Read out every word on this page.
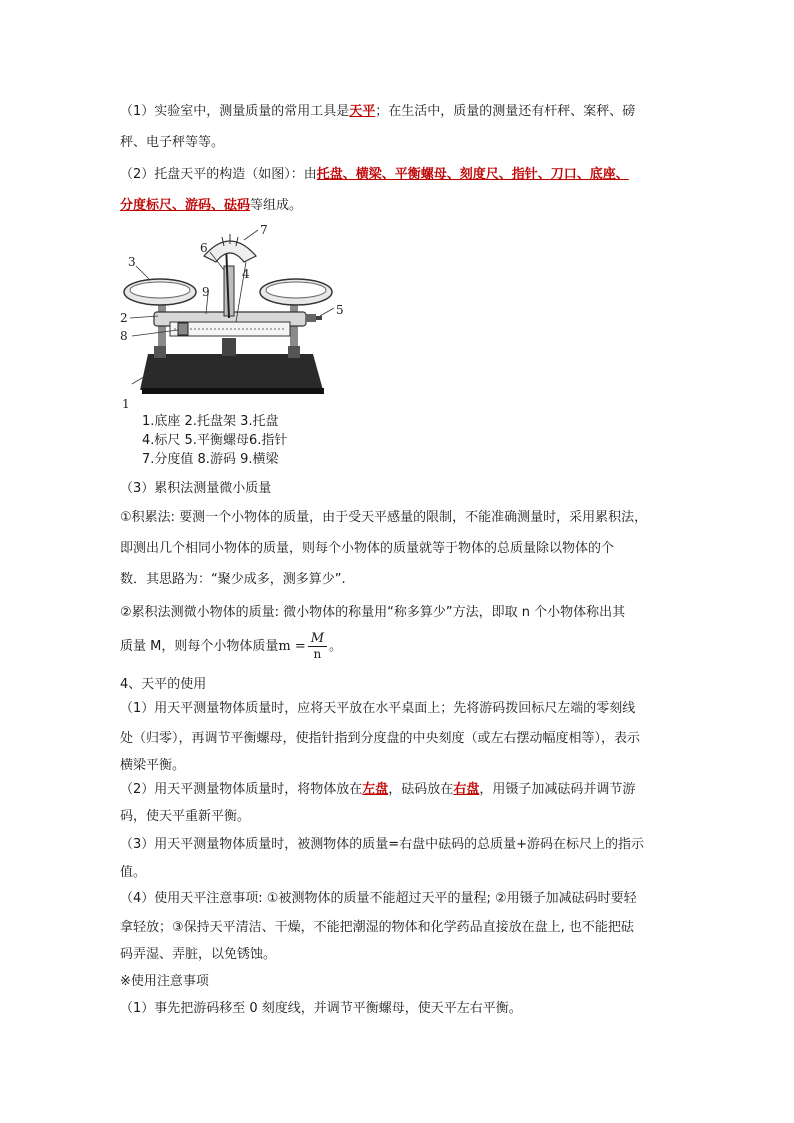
（1）实验室中，测量质量的常用工具是天平；在生活中，质量的测量还有杆秤、案秤、磅
秤、电子秤等等。
（2）托盘天平的构造（如图）：由托盘、横梁、平衡螺母、刻度尺、指针、刀口、底座、
分度标尺、游码、砝码等组成。
3
2
8
1
4
5
6
7
9
1.底座 2.托盘架 3.托盘
4.标尺 5.平衡螺母6.指针
7.分度值 8.游码 9.横梁
（3）累积法测量微小质量
①积累法: 要测一个小物体的质量，由于受天平感量的限制，不能准确测量时，采用累积法，
即测出几个相同小物体的质量，则每个小物体的质量就等于物体的总质量除以物体的个
数．其思路为：“聚少成多，测多算少”.
②累积法测微小物体的质量: 微小物体的称量用“称多算少”方法，即取 n 个小物体称出其
质量 M，则每个小物体质量$m = \frac{M}{n}$ 。
4、天平的使用
（1）用天平测量物体质量时，应将天平放在水平桌面上；先将游码拨回标尺左端的零刻线
处（归零），再调节平衡螺母，使指针指到分度盘的中央刻度（或左右摆动幅度相等），表示
横梁平衡。
（2）用天平测量物体质量时，将物体放在左盘，砝码放在右盘，用镊子加减砝码并调节游
码，使天平重新平衡。
（3）用天平测量物体质量时，被测物体的质量=右盘中砝码的总质量+游码在标尺上的指示
值。
（4）使用天平注意事项: ①被测物体的质量不能超过天平的量程; ②用镊子加减砝码时要轻
拿轻放；③保持天平清洁、干燥，不能把潮湿的物体和化学药品直接放在盘上, 也不能把砝
码弄湿、弄脏，以免锈蚀。
※使用注意事项
（1）事先把游码移至 0 刻度线，并调节平衡螺母，使天平左右平衡。
